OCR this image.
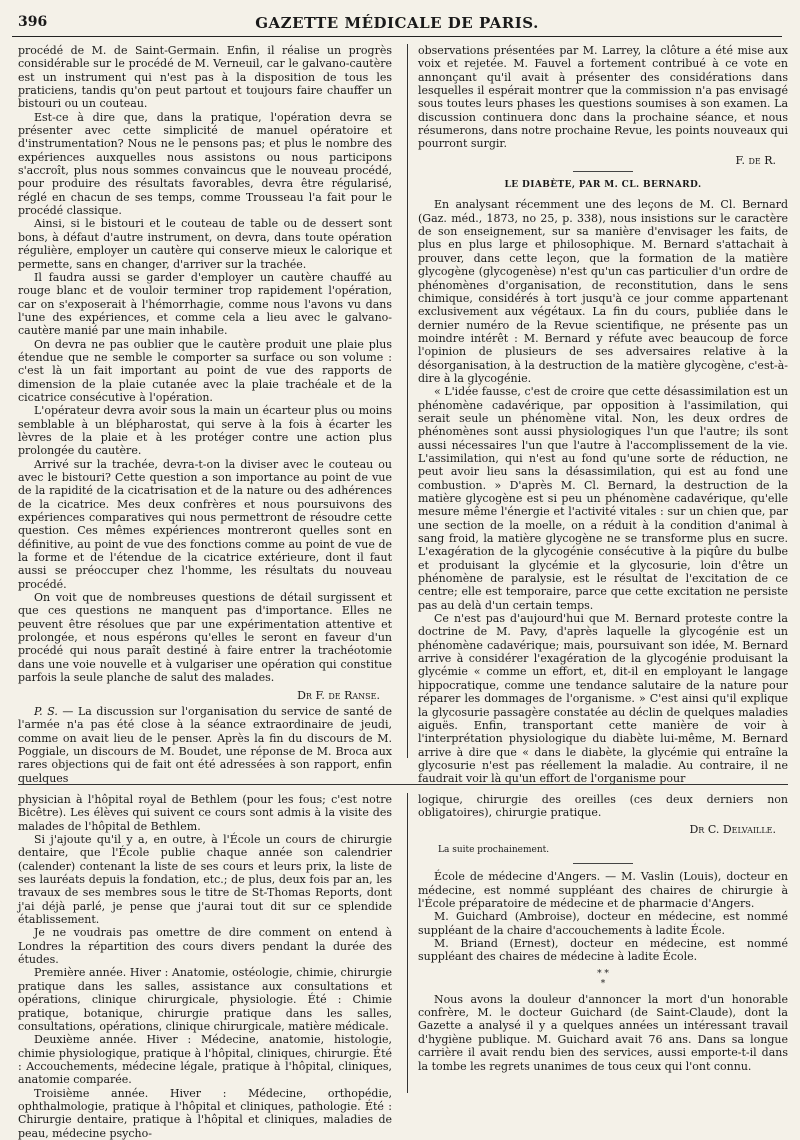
396	GAZETTE MÉDICALE DE PARIS.

procédé de M. de Saint-Germain. Enfin, il réalise un progrès considérable sur le procédé de M. Verneuil, car le galvano-cautère est un instrument qui n'est pas à la disposition de tous les praticiens, tandis qu'on peut partout et toujours faire chauffer un bistouri ou un couteau.

Est-ce à dire que, dans la pratique, l'opération devra se présenter avec cette simplicité de manuel opératoire et d'instrumentation? Nous ne le pensons pas; et plus le nombre des expériences auxquelles nous assistons ou nous participons s'accroît, plus nous sommes convaincus que le nouveau procédé, pour produire des résultats favorables, devra être régularisé, réglé en chacun de ses temps, comme Trousseau l'a fait pour le procédé classique.

Ainsi, si le bistouri et le couteau de table ou de dessert sont bons, à défaut d'autre instrument, on devra, dans toute opération régulière, employer un cautère qui conserve mieux le calorique et permette, sans en changer, d'arriver sur la trachée.

Il faudra aussi se garder d'employer un cautère chauffé au rouge blanc et de vouloir terminer trop rapidement l'opération, car on s'exposerait à l'hémorrhagie, comme nous l'avons vu dans l'une des expériences, et comme cela a lieu avec le galvano-cautère manié par une main inhabile.

On devra ne pas oublier que le cautère produit une plaie plus étendue que ne semble le comporter sa surface ou son volume : c'est là un fait important au point de vue des rapports de dimension de la plaie cutanée avec la plaie trachéale et de la cicatrice consécutive à l'opération.

L'opérateur devra avoir sous la main un écarteur plus ou moins semblable à un blépharostat, qui serve à la fois à écarter les lèvres de la plaie et à les protéger contre une action plus prolongée du cautère.

Arrivé sur la trachée, devra-t-on la diviser avec le couteau ou avec le bistouri? Cette question a son importance au point de vue de la rapidité de la cicatrisation et de la nature ou des adhérences de la cicatrice. Mes deux confrères et nous poursuivons des expériences comparatives qui nous permettront de résoudre cette question. Ces mêmes expériences montreront quelles sont en définitive, au point de vue des fonctions comme au point de vue de la forme et de l'étendue de la cicatrice extérieure, dont il faut aussi se préoccuper chez l'homme, les résultats du nouveau procédé.

On voit que de nombreuses questions de détail surgissent et que ces questions ne manquent pas d'importance. Elles ne peuvent être résolues que par une expérimentation attentive et prolongée, et nous espérons qu'elles le seront en faveur d'un procédé qui nous paraît destiné à faire entrer la trachéotomie dans une voie nouvelle et à vulgariser une opération qui constitue parfois la seule planche de salut des malades.

Dr F. de Ranse.

P. S. — La discussion sur l'organisation du service de santé de l'armée n'a pas été close à la séance extraordinaire de jeudi, comme on avait lieu de le penser. Après la fin du discours de M. Poggiale, un discours de M. Boudet, une réponse de M. Broca aux rares objections qui de fait ont été adressées à son rapport, enfin quelques

observations présentées par M. Larrey, la clôture a été mise aux voix et rejetée. M. Fauvel a fortement contribué à ce vote en annonçant qu'il avait à présenter des considérations dans lesquelles il espérait montrer que la commission n'a pas envisagé sous toutes leurs phases les questions soumises à son examen. La discussion continuera donc dans la prochaine séance, et nous résumerons, dans notre prochaine Revue, les points nouveaux qui pourront surgir.

F. de R.

LE DIABÈTE, PAR M. CL. BERNARD.

En analysant récemment une des leçons de M. Cl. Bernard (Gaz. méd., 1873, no 25, p. 338), nous insistions sur le caractère de son enseignement, sur sa manière d'envisager les faits, de plus en plus large et philosophique. M. Bernard s'attachait à prouver, dans cette leçon, que la formation de la matière glycogène (glycogenèse) n'est qu'un cas particulier d'un ordre de phénomènes d'organisation, de reconstitution, dans le sens chimique, considérés à tort jusqu'à ce jour comme appartenant exclusivement aux végétaux. La fin du cours, publiée dans le dernier numéro de la Revue scientifique, ne présente pas un moindre intérêt : M. Bernard y réfute avec beaucoup de force l'opinion de plusieurs de ses adversaires relative à la désorganisation, à la destruction de la matière glycogène, c'est-à-dire à la glycogénie.

« L'idée fausse, c'est de croire que cette désassimilation est un phénomène cadavérique, par opposition à l'assimilation, qui serait seule un phénomène vital. Non, les deux ordres de phénomènes sont aussi physiologiques l'un que l'autre; ils sont aussi nécessaires l'un que l'autre à l'accomplissement de la vie. L'assimilation, qui n'est au fond qu'une sorte de réduction, ne peut avoir lieu sans la désassimilation, qui est au fond une combustion. » D'après M. Cl. Bernard, la destruction de la matière glycogène est si peu un phénomène cadavérique, qu'elle mesure même l'énergie et l'activité vitales : sur un chien que, par une section de la moelle, on a réduit à la condition d'animal à sang froid, la matière glycogène ne se transforme plus en sucre. L'exagération de la glycogénie consécutive à la piqûre du bulbe et produisant la glycémie et la glycosurie, loin d'être un phénomène de paralysie, est le résultat de l'excitation de ce centre; elle est temporaire, parce que cette excitation ne persiste pas au delà d'un certain temps.

Ce n'est pas d'aujourd'hui que M. Bernard proteste contre la doctrine de M. Pavy, d'après laquelle la glycogénie est un phénomène cadavérique; mais, poursuivant son idée, M. Bernard arrive à considérer l'exagération de la glycogénie produisant la glycémie « comme un effort, et, dit-il en employant le langage hippocratique, comme une tendance salutaire de la nature pour réparer les dommages de l'organisme. » C'est ainsi qu'il explique la glycosurie passagère constatée au déclin de quelques maladies aiguës. Enfin, transportant cette manière de voir à l'interprétation physiologique du diabète lui-même, M. Bernard arrive à dire que « dans le diabète, la glycémie qui entraîne la glycosurie n'est pas réellement la maladie. Au contraire, il ne faudrait voir là qu'un effort de l'organisme pour

physician à l'hôpital royal de Bethlem (pour les fous; c'est notre Bicêtre). Les élèves qui suivent ce cours sont admis à la visite des malades de l'hôpital de Bethlem.

Si j'ajoute qu'il y a, en outre, à l'École un cours de chirurgie dentaire, que l'École publie chaque année son calendrier (calender) contenant la liste de ses cours et leurs prix, la liste de ses lauréats depuis la fondation, etc.; de plus, deux fois par an, les travaux de ses membres sous le titre de St-Thomas Reports, dont j'ai déjà parlé, je pense que j'aurai tout dit sur ce splendide établissement.

Je ne voudrais pas omettre de dire comment on entend à Londres la répartition des cours divers pendant la durée des études.

Première année. Hiver : Anatomie, ostéologie, chimie, chirurgie pratique dans les salles, assistance aux consultations et opérations, clinique chirurgicale, physiologie. Été : Chimie pratique, botanique, chirurgie pratique dans les salles, consultations, opérations, clinique chirurgicale, matière médicale.

Deuxième année. Hiver : Médecine, anatomie, histologie, chimie physiologique, pratique à l'hôpital, cliniques, chirurgie. Été : Accouchements, médecine légale, pratique à l'hôpital, cliniques, anatomie comparée.

Troisième année. Hiver : Médecine, orthopédie, ophthalmologie, pratique à l'hôpital et cliniques, pathologie. Été : Chirurgie dentaire, pratique à l'hôpital et cliniques, maladies de peau, médecine psycho-

logique, chirurgie des oreilles (ces deux derniers non obligatoires), chirurgie pratique.

Dr C. Delvaille.

La suite prochainement.

École de médecine d'Angers. — M. Vaslin (Louis), docteur en médecine, est nommé suppléant des chaires de chirurgie à l'École préparatoire de médecine et de pharmacie d'Angers.

M. Guichard (Ambroise), docteur en médecine, est nommé suppléant de la chaire d'accouchements à ladite École.

M. Briand (Ernest), docteur en médecine, est nommé suppléant des chaires de médecine à ladite École.

* *
*

Nous avons la douleur d'annoncer la mort d'un honorable confrère, M. le docteur Guichard (de Saint-Claude), dont la Gazette a analysé il y a quelques années un intéressant travail d'hygiène publique. M. Guichard avait 76 ans. Dans sa longue carrière il avait rendu bien des services, aussi emporte-t-il dans la tombe les regrets unanimes de tous ceux qui l'ont connu.
